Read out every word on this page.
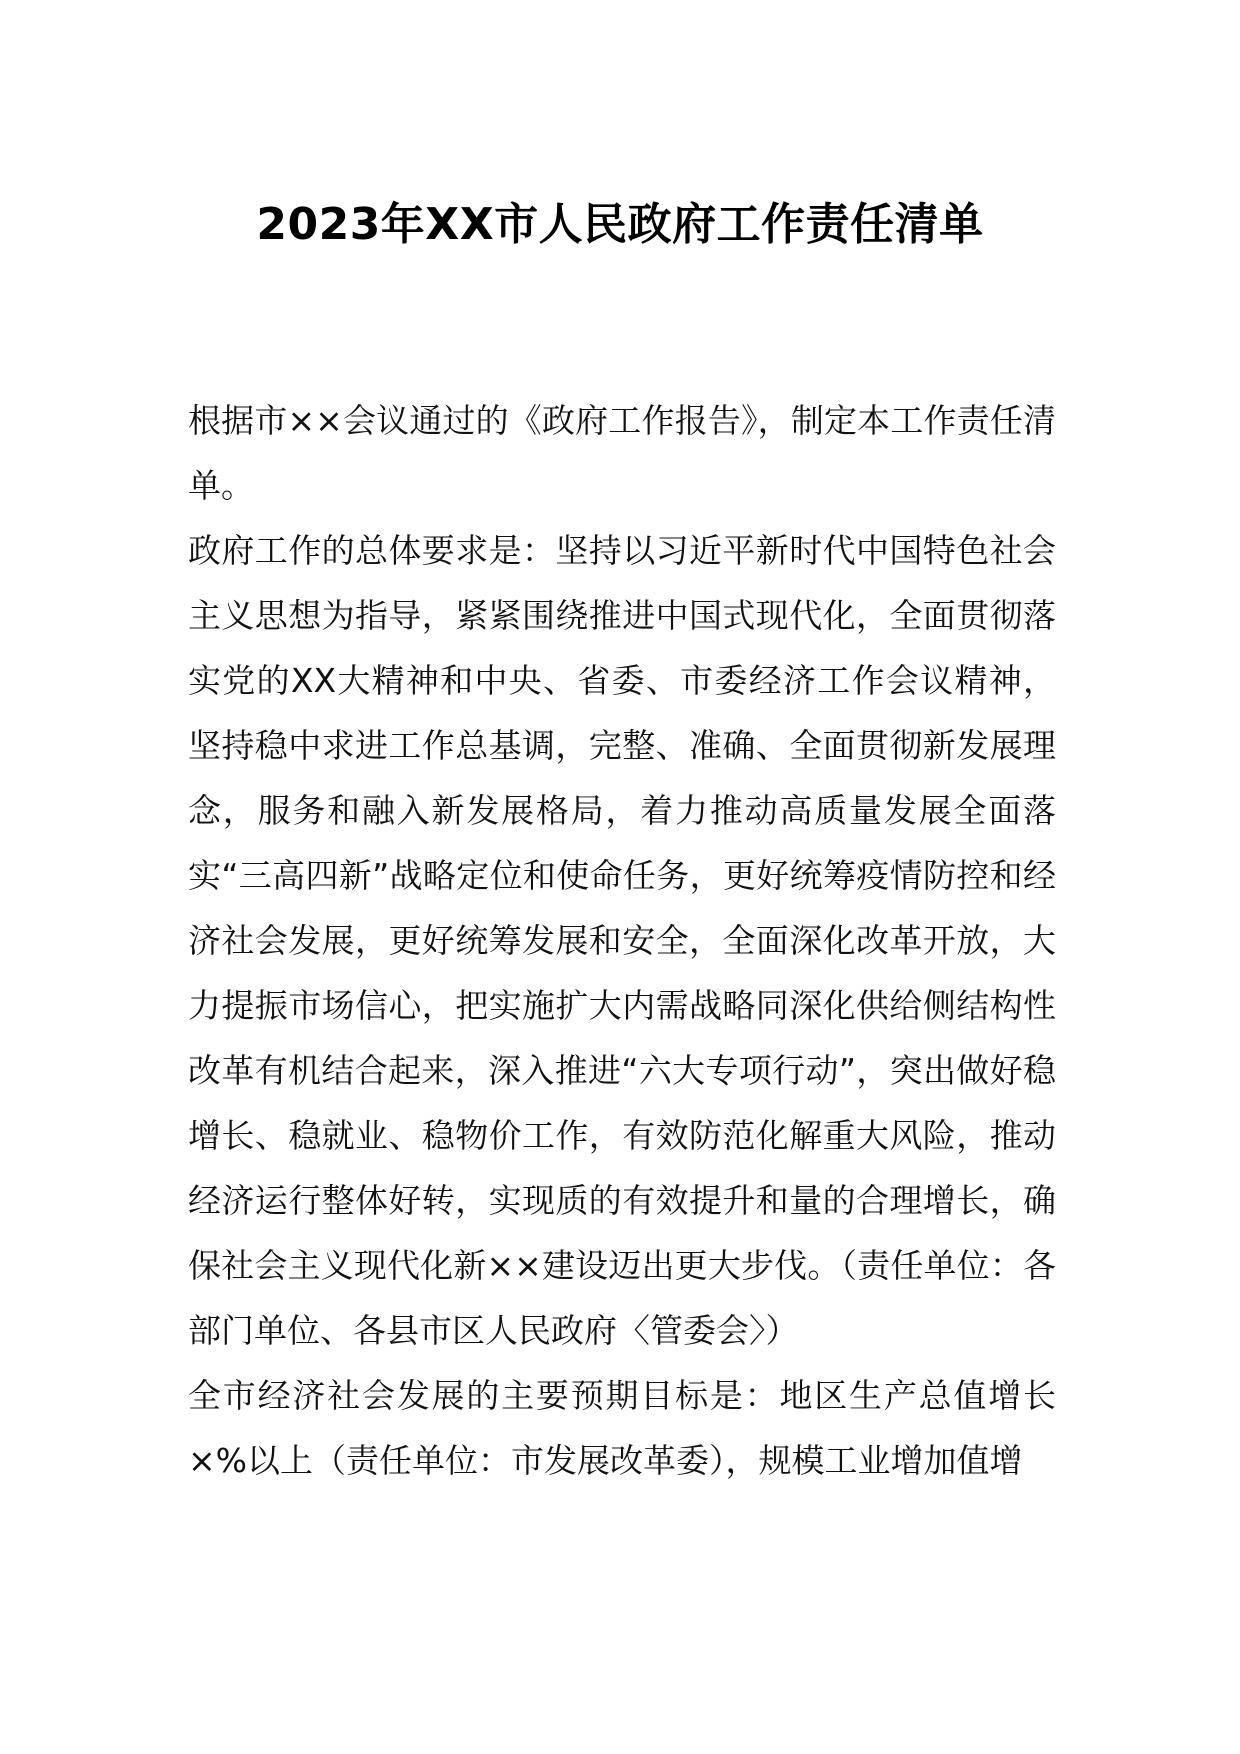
2023年XX市人民政府工作责任清单

根据市××会议通过的《政府工作报告》，制定本工作责任清单。

政府工作的总体要求是：坚持以习近平新时代中国特色社会主义思想为指导，紧紧围绕推进中国式现代化，全面贯彻落实党的XX大精神和中央、省委、市委经济工作会议精神，坚持稳中求进工作总基调，完整、准确、全面贯彻新发展理念，服务和融入新发展格局，着力推动高质量发展全面落实“三高四新”战略定位和使命任务，更好统筹疫情防控和经济社会发展，更好统筹发展和安全，全面深化改革开放，大力提振市场信心，把实施扩大内需战略同深化供给侧结构性改革有机结合起来，深入推进“六大专项行动”，突出做好稳增长、稳就业、稳物价工作，有效防范化解重大风险，推动经济运行整体好转，实现质的有效提升和量的合理增长，确保社会主义现代化新××建设迈出更大步伐。（责任单位：各部门单位、各县市区人民政府〈管委会〉）

全市经济社会发展的主要预期目标是：地区生产总值增长×%以上（责任单位：市发展改革委），规模工业增加值增
